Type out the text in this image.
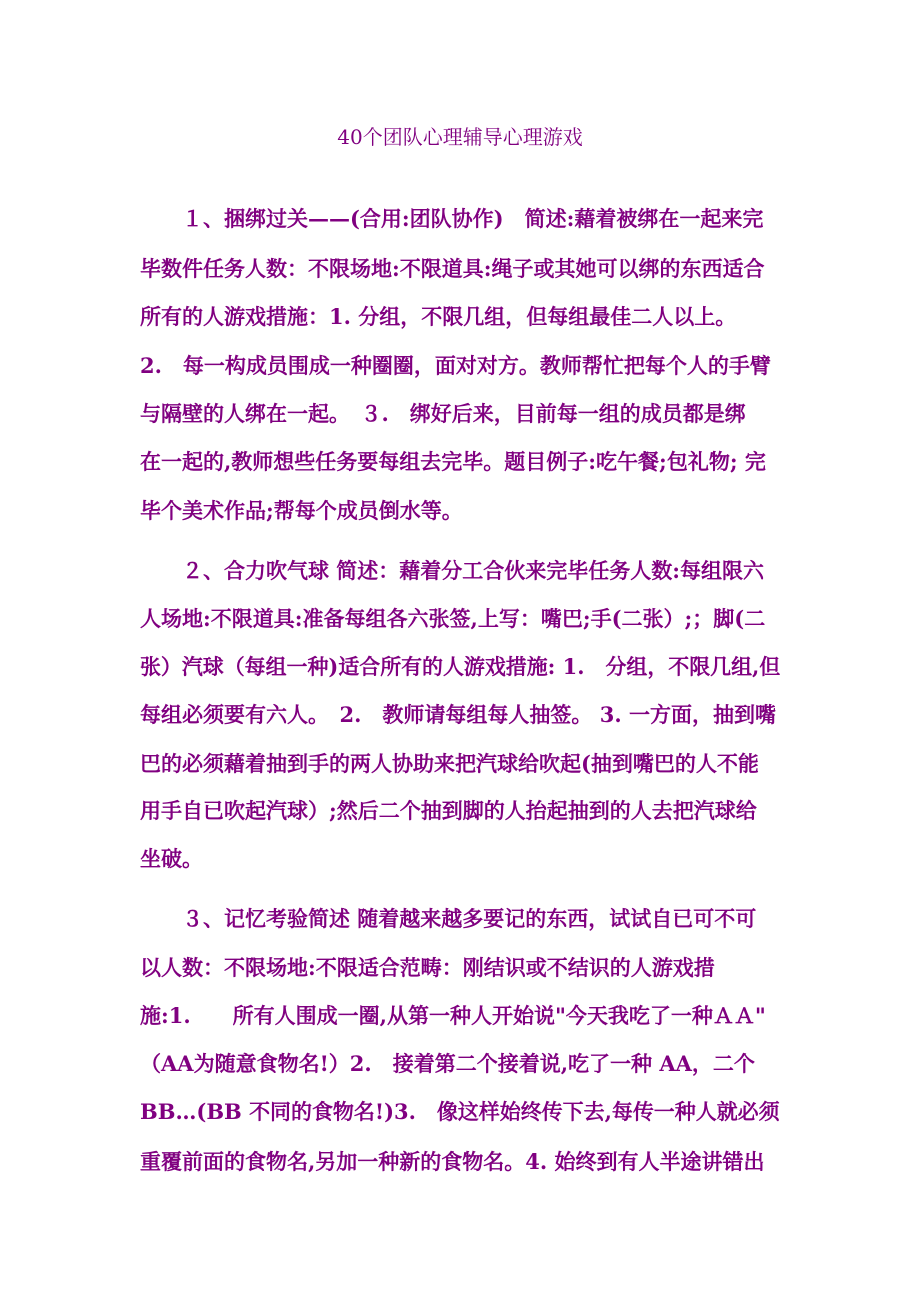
40个团队心理辅导心理游戏
　　１、捆绑过关——(合用:团队协作)　简述:藉着被绑在一起来完
毕数件任务人数：不限场地:不限道具:绳子或其她可以绑的东西适合
所有的人游戏措施：1. 分组，不限几组，但每组最佳二人以上。
2.　每一构成员围成一种圈圈，面对对方。教师帮忙把每个人的手臂
与隔壁的人绑在一起。　３.　绑好后来，目前每一组的成员都是绑
在一起的,教师想些任务要每组去完毕。题目例子:吃午餐;包礼物; 完
毕个美术作品;帮每个成员倒水等。
　　２、合力吹气球 简述：藉着分工合伙来完毕任务人数:每组限六
人场地:不限道具:准备每组各六张签,上写：嘴巴;手(二张）;；脚(二
张）汽球（每组一种)适合所有的人游戏措施: 1.　分组，不限几组,但
每组必须要有六人。　2.　教师请每组每人抽签。 3. 一方面，抽到嘴
巴的必须藉着抽到手的两人协助来把汽球给吹起(抽到嘴巴的人不能
用手自已吹起汽球）;然后二个抽到脚的人抬起抽到的人去把汽球给
坐破。
　　３、记忆考验简述 随着越来越多要记的东西，试试自已可不可
以人数：不限场地:不限适合范畴：刚结识或不结识的人游戏措
施:1.　　所有人围成一圈,从第一种人开始说"今天我吃了一种ＡＡ"
（AA为随意食物名!）2.　接着第二个接着说,吃了一种 AA，二个
BB…(BB 不同的食物名!)3.　像这样始终传下去,每传一种人就必须
重覆前面的食物名,另加一种新的食物名。4. 始终到有人半途讲错出
